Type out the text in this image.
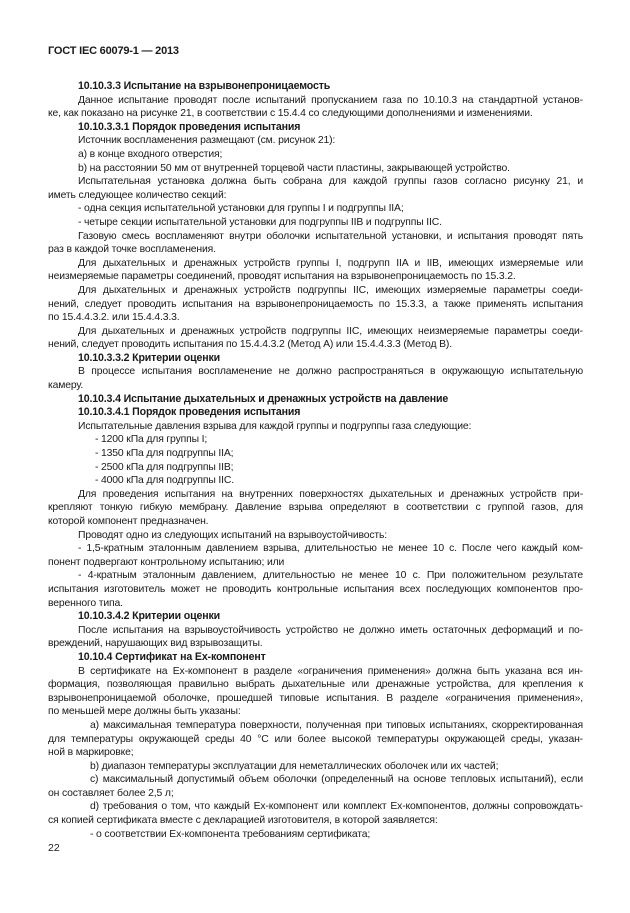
ГОСТ IEC 60079-1 — 2013
10.10.3.3 Испытание на взрывонепроницаемость
Данное испытание проводят после испытаний пропусканием газа по 10.10.3 на стандартной установ-
ке, как показано на рисунке 21, в соответствии с 15.4.4 со следующими дополнениями и изменениями.
10.10.3.3.1 Порядок проведения испытания
Источник воспламенения размещают (см. рисунок 21):
a) в конце входного отверстия;
b) на расстоянии 50 мм от внутренней торцевой части пластины, закрывающей устройство.
Испытательная установка должна быть собрана для каждой группы газов согласно рисунку 21, и
иметь следующее количество секций:
- одна секция испытательной установки для группы I и подгруппы IIA;
- четыре секции испытательной установки для подгруппы IIB и подгруппы IIC.
Газовую смесь воспламеняют внутри оболочки испытательной установки, и испытания проводят пять
раз в каждой точке воспламенения.
Для дыхательных и дренажных устройств группы I, подгрупп IIA и IIB, имеющих измеряемые или
неизмеряемые параметры соединений, проводят испытания на взрывонепроницаемость по 15.3.2.
Для дыхательных и дренажных устройств подгруппы IIC, имеющих измеряемые параметры соеди-
нений, следует проводить испытания на взрывонепроницаемость по 15.3.3, а также применять испытания
по 15.4.4.3.2. или 15.4.4.3.3.
Для дыхательных и дренажных устройств подгруппы IIC, имеющих неизмеряемые параметры соеди-
нений, следует проводить испытания по 15.4.4.3.2 (Метод А) или 15.4.4.3.3 (Метод В).
10.10.3.3.2 Критерии оценки
В процессе испытания воспламенение не должно распространяться в окружающую испытательную
камеру.
10.10.3.4 Испытание дыхательных и дренажных устройств на давление
10.10.3.4.1 Порядок проведения испытания
Испытательные давления взрыва для каждой группы и подгруппы газа следующие:
- 1200 кПа для группы I;
- 1350 кПа для подгруппы IIA;
- 2500 кПа для подгруппы IIB;
- 4000 кПа для подгруппы IIC.
Для проведения испытания на внутренних поверхностях дыхательных и дренажных устройств при-
крепляют тонкую гибкую мембрану. Давление взрыва определяют в соответствии с группой газов, для
которой компонент предназначен.
Проводят одно из следующих испытаний на взрывоустойчивость:
- 1,5-кратным эталонным давлением взрыва, длительностью не менее 10 с. После чего каждый ком-
понент подвергают контрольному испытанию; или
- 4-кратным эталонным давлением, длительностью не менее 10 с. При положительном результате
испытания изготовитель может не проводить контрольные испытания всех последующих компонентов про-
веренного типа.
10.10.3.4.2 Критерии оценки
После испытания на взрывоустойчивость устройство не должно иметь остаточных деформаций и по-
вреждений, нарушающих вид взрывозащиты.
10.10.4 Сертификат на Ex-компонент
В сертификате на Ex-компонент в разделе «ограничения применения» должна быть указана вся ин-
формация, позволяющая правильно выбрать дыхательные или дренажные устройства, для крепления к
взрывонепроницаемой оболочке, прошедшей типовые испытания. В разделе «ограничения применения»,
по меньшей мере должны быть указаны:
a) максимальная температура поверхности, полученная при типовых испытаниях, скорректированная
для температуры окружающей среды 40 °С или более высокой температуры окружающей среды, указан-
ной в маркировке;
b) диапазон температуры эксплуатации для неметаллических оболочек или их частей;
c) максимальный допустимый объем оболочки (определенный на основе тепловых испытаний), если
он составляет более 2,5 л;
d) требования о том, что каждый Ex-компонент или комплект Ex-компонентов, должны сопровождать-
ся копией сертификата вместе с декларацией изготовителя, в которой заявляется:
- о соответствии Ex-компонента требованиям сертификата;
22
